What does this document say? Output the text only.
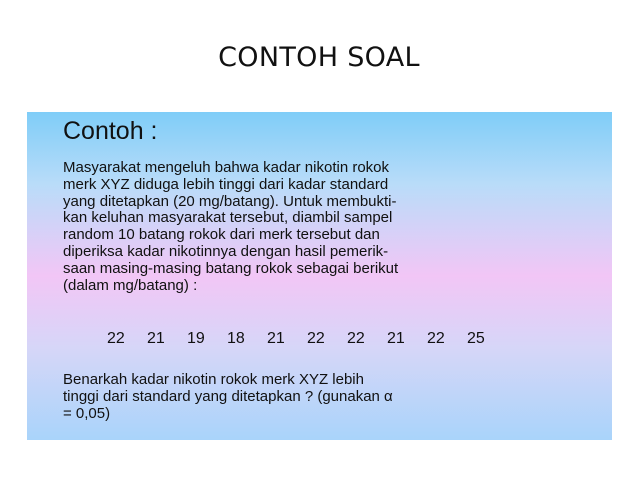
CONTOH SOAL
Contoh :

Masyarakat mengeluh bahwa kadar nikotin rokok
merk XYZ diduga lebih tinggi dari kadar standard
yang ditetapkan (20 mg/batang). Untuk membukti-
kan keluhan masyarakat tersebut, diambil sampel
random 10 batang rokok dari merk tersebut dan
diperiksa kadar nikotinnya dengan hasil pemerik-
saan masing-masing batang rokok sebagai berikut
(dalam mg/batang) :

22	21	19	18	21	22	22	21	22	25

Benarkah kadar nikotin rokok merk XYZ lebih
tinggi dari standard yang ditetapkan ? (gunakan α
= 0,05)
